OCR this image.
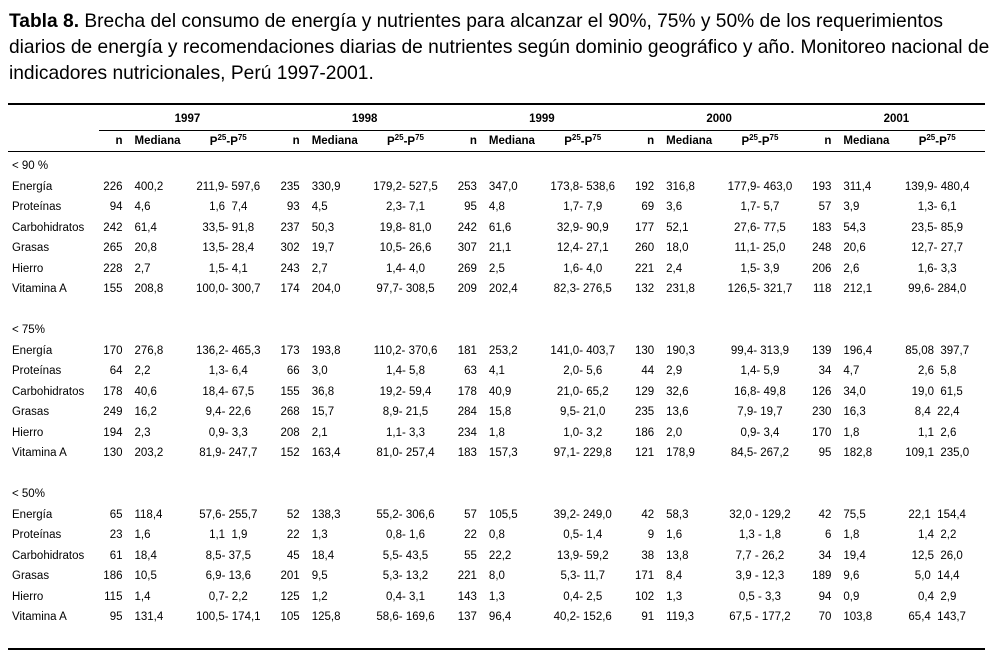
Tabla 8. Brecha del consumo de energía y nutrientes para alcanzar el 90%, 75% y 50% de los requerimientos diarios de energía y recomendaciones diarias de nutrientes según dominio geográfico y año. Monitoreo nacional de indicadores nutricionales, Perú 1997-2001.

	1997			1998			1999			2000			2001		
	n	Mediana	$P^{25}-P^{75}$	n	Mediana	$P^{25}-P^{75}$	n	Mediana	$P^{25}-P^{75}$	n	Mediana	$P^{25}-P^{75}$	n	Mediana	$P^{25}-P^{75}$

< 90 %															
Energía	226	400,2	211,9- 597,6	235	330,9	179,2- 527,5	253	347,0	173,8- 538,6	192	316,8	177,9- 463,0	193	311,4	139,9- 480,4
Proteínas	94	4,6	1,6  7,4	93	4,5	2,3- 7,1	95	4,8	1,7- 7,9	69	3,6	1,7- 5,7	57	3,9	1,3- 6,1
Carbohidratos	242	61,4	33,5- 91,8	237	50,3	19,8- 81,0	242	61,6	32,9- 90,9	177	52,1	27,6- 77,5	183	54,3	23,5- 85,9
Grasas	265	20,8	13,5- 28,4	302	19,7	10,5- 26,6	307	21,1	12,4- 27,1	260	18,0	11,1- 25,0	248	20,6	12,7- 27,7
Hierro	228	2,7	1,5- 4,1	243	2,7	1,4- 4,0	269	2,5	1,6- 4,0	221	2,4	1,5- 3,9	206	2,6	1,6- 3,3
Vitamina A	155	208,8	100,0- 300,7	174	204,0	97,7- 308,5	209	202,4	82,3- 276,5	132	231,8	126,5- 321,7	118	212,1	99,6- 284,0

< 75%															
Energía	170	276,8	136,2- 465,3	173	193,8	110,2- 370,6	181	253,2	141,0- 403,7	130	190,3	99,4- 313,9	139	196,4	85,08  397,7
Proteínas	64	2,2	1,3- 6,4	66	3,0	1,4- 5,8	63	4,1	2,0- 5,6	44	2,9	1,4- 5,9	34	4,7	2,6  5,8
Carbohidratos	178	40,6	18,4- 67,5	155	36,8	19,2- 59,4	178	40,9	21,0- 65,2	129	32,6	16,8- 49,8	126	34,0	19,0  61,5
Grasas	249	16,2	9,4- 22,6	268	15,7	8,9- 21,5	284	15,8	9,5- 21,0	235	13,6	7,9- 19,7	230	16,3	8,4  22,4
Hierro	194	2,3	0,9- 3,3	208	2,1	1,1- 3,3	234	1,8	1,0- 3,2	186	2,0	0,9- 3,4	170	1,8	1,1  2,6
Vitamina A	130	203,2	81,9- 247,7	152	163,4	81,0- 257,4	183	157,3	97,1- 229,8	121	178,9	84,5- 267,2	95	182,8	109,1  235,0

< 50%															
Energía	65	118,4	57,6- 255,7	52	138,3	55,2- 306,6	57	105,5	39,2- 249,0	42	58,3	32,0 - 129,2	42	75,5	22,1  154,4
Proteínas	23	1,6	1,1  1,9	22	1,3	0,8- 1,6	22	0,8	0,5- 1,4	9	1,6	1,3 - 1,8	6	1,8	1,4  2,2
Carbohidratos	61	18,4	8,5- 37,5	45	18,4	5,5- 43,5	55	22,2	13,9- 59,2	38	13,8	7,7 - 26,2	34	19,4	12,5  26,0
Grasas	186	10,5	6,9- 13,6	201	9,5	5,3- 13,2	221	8,0	5,3- 11,7	171	8,4	3,9 - 12,3	189	9,6	5,0  14,4
Hierro	115	1,4	0,7- 2,2	125	1,2	0,4- 3,1	143	1,3	0,4- 2,5	102	1,3	0,5 - 3,3	94	0,9	0,4  2,9
Vitamina A	95	131,4	100,5- 174,1	105	125,8	58,6- 169,6	137	96,4	40,2- 152,6	91	119,3	67,5 - 177,2	70	103,8	65,4  143,7
